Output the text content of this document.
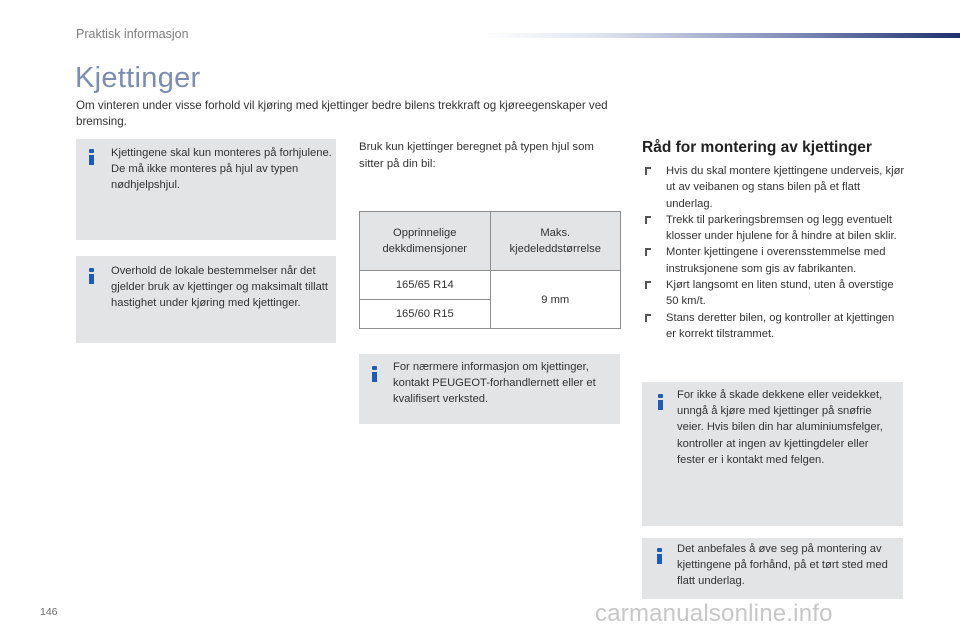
Praktisk informasjon
Kjettinger
Om vinteren under visse forhold vil kjøring med kjettinger bedre bilens trekkraft og kjøreegenskaper ved bremsing.
Kjettingene skal kun monteres på forhjulene. De må ikke monteres på hjul av typen nødhjelpshjul.
Overhold de lokale bestemmelser når det gjelder bruk av kjettinger og maksimalt tillatt hastighet under kjøring med kjettinger.
Bruk kun kjettinger beregnet på typen hjul som sitter på din bil:
Opprinnelige dekkdimensjoner	Maks. kjedeleddstørrelse
165/65 R14	9 mm
165/60 R15	
For nærmere informasjon om kjettinger, kontakt PEUGEOT-forhandlernett eller et kvalifisert verksted.
Råd for montering av kjettinger
Hvis du skal montere kjettingene underveis, kjør ut av veibanen og stans bilen på et flatt underlag.
Trekk til parkeringsbremsen og legg eventuelt klosser under hjulene for å hindre at bilen sklir.
Monter kjettingene i overensstemmelse med instruksjonene som gis av fabrikanten.
Kjørt langsomt en liten stund, uten å overstige 50 km/t.
Stans deretter bilen, og kontroller at kjettingen er korrekt tilstrammet.
For ikke å skade dekkene eller veidekket, unngå å kjøre med kjettinger på snøfrie veier. Hvis bilen din har aluminiumsfelger, kontroller at ingen av kjettingdeler eller fester er i kontakt med felgen.
Det anbefales å øve seg på montering av kjettingene på forhånd, på et tørt sted med flatt underlag.
146	carmanualsonline.info
